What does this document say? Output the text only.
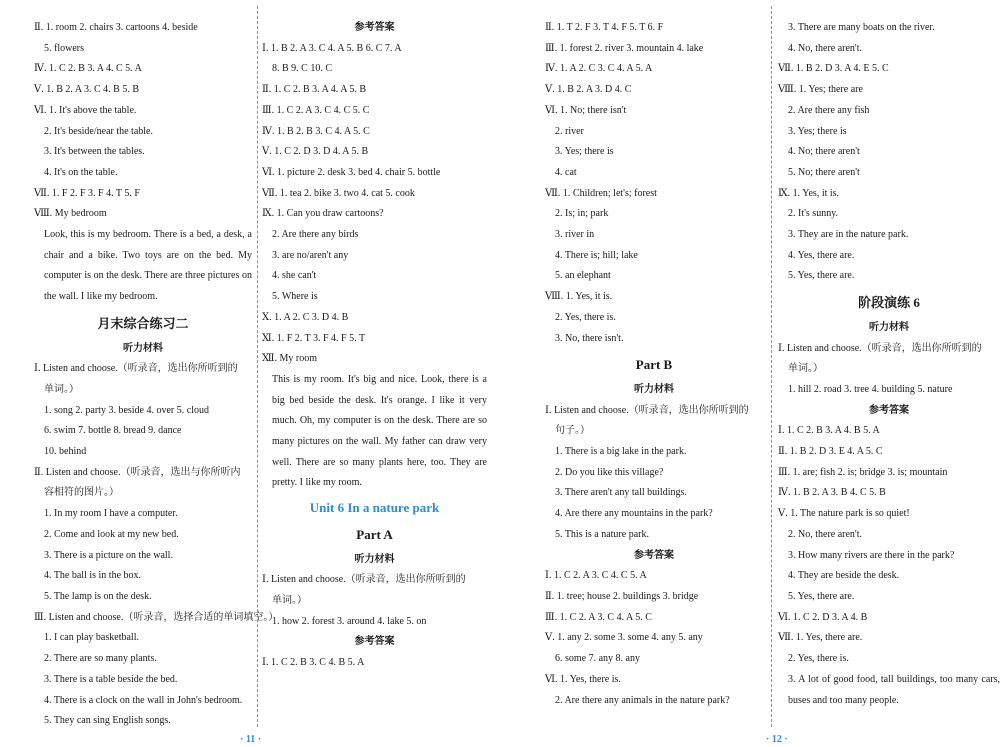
Ⅱ. 1. room 2. chairs 3. cartoons 4. beside
5. flowers
Ⅳ. 1. C 2. B 3. A 4. C 5. A
Ⅴ. 1. B 2. A 3. C 4. B 5. B
Ⅵ. 1. It's above the table.
2. It's beside/near the table.
3. It's between the tables.
4. It's on the table.
Ⅶ. 1. F 2. F 3. F 4. T 5. F
Ⅷ. My bedroom
Look, this is my bedroom. There is a bed, a desk, a chair and a bike. Two toys are on the bed. My computer is on the desk. There are three pictures on the wall. I like my bedroom.
月末综合练习二
听力材料
Ⅰ. Listen and choose.（听录音，选出你所听到的
单词。）
1. song 2. party 3. beside 4. over 5. cloud
6. swim 7. bottle 8. bread 9. dance
10. behind
Ⅱ. Listen and choose.（听录音，选出与你所听内
容相符的图片。）
1. In my room I have a computer.
2. Come and look at my new bed.
3. There is a picture on the wall.
4. The ball is in the box.
5. The lamp is on the desk.
Ⅲ. Listen and choose.（听录音，选择合适的单词填空。）
1. I can play basketball.
2. There are so many plants.
3. There is a table beside the bed.
4. There is a clock on the wall in John's bedroom.
5. They can sing English songs.
参考答案
Ⅰ. 1. B 2. A 3. C 4. A 5. B 6. C 7. A
8. B 9. C 10. C
Ⅱ. 1. C 2. B 3. A 4. A 5. B
Ⅲ. 1. C 2. A 3. C 4. C 5. C
Ⅳ. 1. B 2. B 3. C 4. A 5. C
Ⅴ. 1. C 2. D 3. D 4. A 5. B
Ⅵ. 1. picture 2. desk 3. bed 4. chair 5. bottle
Ⅶ. 1. tea 2. bike 3. two 4. cat 5. cook
Ⅸ. 1. Can you draw cartoons?
2. Are there any birds
3. are no/aren't any
4. she can't
5. Where is
Ⅹ. 1. A 2. C 3. D 4. B
Ⅺ. 1. F 2. T 3. F 4. F 5. T
Ⅻ. My room
This is my room. It's big and nice. Look, there is a big bed beside the desk. It's orange. I like it very much. Oh, my computer is on the desk. There are so many pictures on the wall. My father can draw very well. There are so many plants here, too. They are pretty. I like my room.
Unit 6 In a nature park
Part A
听力材料
Ⅰ. Listen and choose.（听录音，选出你所听到的
单词。）
1. how 2. forest 3. around 4. lake 5. on
参考答案
Ⅰ. 1. C 2. B 3. C 4. B 5. A
Ⅱ. 1. T 2. F 3. T 4. F 5. T 6. F
Ⅲ. 1. forest 2. river 3. mountain 4. lake
Ⅳ. 1. A 2. C 3. C 4. A 5. A
Ⅴ. 1. B 2. A 3. D 4. C
Ⅵ. 1. No; there isn't
2. river
3. Yes; there is
4. cat
Ⅶ. 1. Children; let's; forest
2. Is; in; park
3. river in
4. There is; hill; lake
5. an elephant
Ⅷ. 1. Yes, it is.
2. Yes, there is.
3. No, there isn't.
Part B
听力材料
Ⅰ. Listen and choose.（听录音，选出你所听到的
句子。）
1. There is a big lake in the park.
2. Do you like this village?
3. There aren't any tall buildings.
4. Are there any mountains in the park?
5. This is a nature park.
参考答案
Ⅰ. 1. C 2. A 3. C 4. C 5. A
Ⅱ. 1. tree; house 2. buildings 3. bridge
Ⅲ. 1. C 2. A 3. C 4. A 5. C
Ⅴ. 1. any 2. some 3. some 4. any 5. any
6. some 7. any 8. any
Ⅵ. 1. Yes, there is.
2. Are there any animals in the nature park?
3. There are many boats on the river.
4. No, there aren't.
Ⅶ. 1. B 2. D 3. A 4. E 5. C
Ⅷ. 1. Yes; there are
2. Are there any fish
3. Yes; there is
4. No; there aren't
5. No; there aren't
Ⅸ. 1. Yes, it is.
2. It's sunny.
3. They are in the nature park.
4. Yes, there are.
5. Yes, there are.
阶段演练 6
听力材料
Ⅰ. Listen and choose.（听录音，选出你所听到的
单词。）
1. hill 2. road 3. tree 4. building 5. nature
参考答案
Ⅰ. 1. C 2. B 3. A 4. B 5. A
Ⅱ. 1. B 2. D 3. E 4. A 5. C
Ⅲ. 1. are; fish 2. is; bridge 3. is; mountain
Ⅳ. 1. B 2. A 3. B 4. C 5. B
Ⅴ. 1. The nature park is so quiet!
2. No, there aren't.
3. How many rivers are there in the park?
4. They are beside the desk.
5. Yes, there are.
Ⅵ. 1. C 2. D 3. A 4. B
Ⅶ. 1. Yes, there are.
2. Yes, there is.
3. A lot of good food, tall buildings, too many cars, buses and too many people.
· 11 ·	· 12 ·
